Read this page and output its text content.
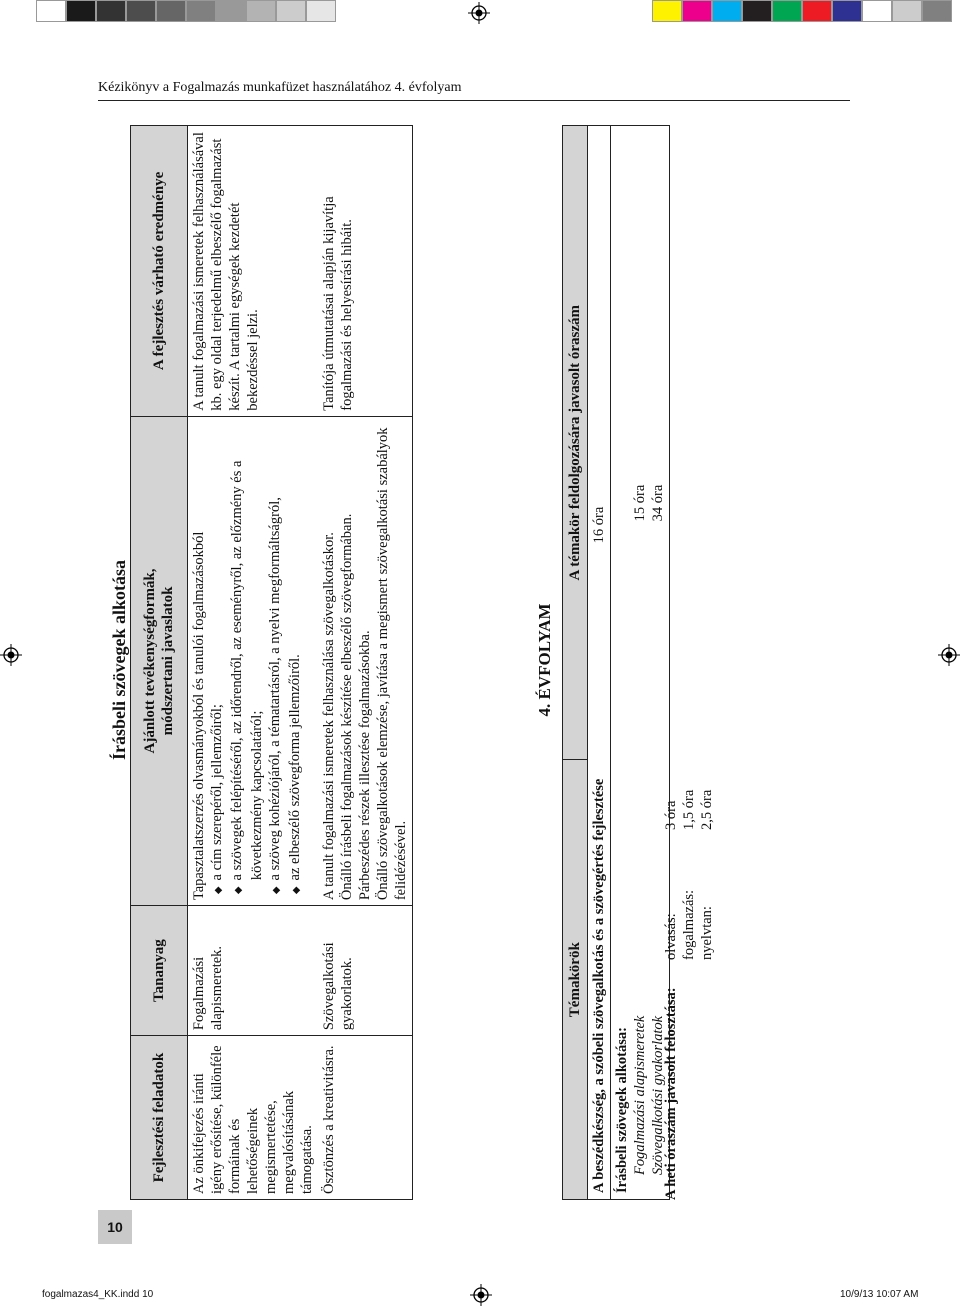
Kézikönyv a Fogalmazás munkafüzet használatához 4. évfolyam
10
fogalmazas4_KK.indd 10	10/9/13 10:07 AM
Írásbeli szövegek alkotása
Fejlesztési feladatok	Tananyag	Ajánlott tevékenységformák, módszertani javaslatok	A fejlesztés várható eredménye
Az önkifejezés iránti igény erősítése, különféle formáinak és lehetőségeinek megismertetése, megvalósításának támogatása.	Fogalmazási alapismeretek.	Tapasztalatszerzés olvasmányokból és tanulói fogalmazásokból ◆ a cím szerepéről, jellemzőiről; ◆ a szövegek felépítéséről, az időrendről, az eseményről, az előzmény és a következmény kapcsolatáról; ◆ a szöveg kohéziójáról, a tématartásról, a nyelvi megformáltságról, ◆ az elbeszélő szövegforma jellemzőiről.	A tanult fogalmazási ismeretek felhasználásával kb. egy oldal terjedelmű elbeszélő fogalmazást készít. A tartalmi egységek kezdetét bekezdéssel jelzi.
Ösztönzés a kreativitásra.	Szövegalkotási gyakorlatok.	A tanult fogalmazási ismeretek felhasználása szövegalkotáskor. Önálló írásbeli fogalmazások készítése elbeszélő szövegformában. Párbeszédes részek illesztése fogalmazásokba. Önálló szövegalkotások elemzése, javítása a megismert szövegalkotási szabályok felidézésével.	Tanítója útmutatásai alapján kijavítja fogalmazási és helyesírási hibáit.
4. ÉVFOLYAM
Témakörök	A témakör feldolgozására javasolt óraszám
A beszédkészség, a szóbeli szövegalkotás és a szövegértés fejlesztése 16 óra

Írásbeli szövegek alkotása: Fogalmazási alapismeretek 15 óra
Szövegalkotási gyakorlatok 34 óra
A heti óraszám javasolt felosztása:
olvasás:
3 óra
fogalmazás:
1,5 óra
nyelvtan:
2,5 óra
